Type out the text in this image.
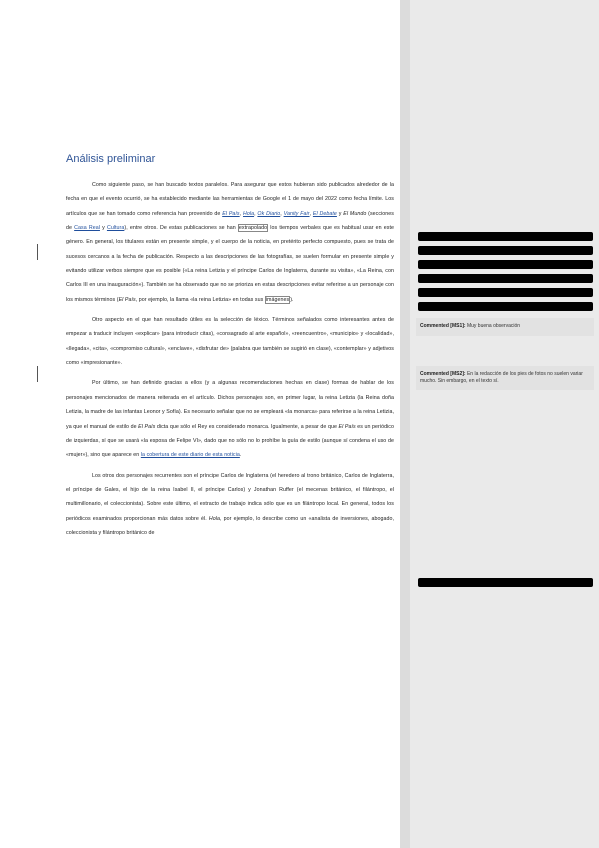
Análisis preliminar

Como siguiente paso, se han buscado textos paralelos. Para asegurar que estos hubieran sido publicados alrededor de la fecha en que el evento ocurrió, se ha establecido mediante las herramientas de Google el 1 de mayo del 2022 como fecha límite. Los artículos que se han tomado como referencia han provenido de El País, Hola, Ok Diario, Vanity Fair, El Debate y El Mundo (secciones de Casa Real y Cultura), entre otros. De estas publicaciones se han extrapolado los tiempos verbales que es habitual usar en este género. En general, los titulares están en presente simple, y el cuerpo de la noticia, en pretérito perfecto compuesto, pues se trata de sucesos cercanos a la fecha de publicación. Respecto a las descripciones de las fotografías, se suelen formular en presente simple y evitando utilizar verbos siempre que es posible («La reina Letizia y el príncipe Carlos de Inglaterra, durante su visita», «La Reina, con Carlos III en una inauguración»). También se ha observado que no se prioriza en estas descripciones evitar referirse a un personaje con los mismos términos (El País, por ejemplo, la llama «la reina Letizia» en todas sus imágenes).

Otro aspecto en el que han resultado útiles es la selección de léxico. Términos señalados como interesantes antes de empezar a traducir incluyen «explicar» (para introducir citas), «consagrado al arte español», «reencuentro», «municipio» y «localidad», «llegada», «cita», «compromiso cultural», «enclave», «disfrutar de» (palabra que también se sugirió en clase), «contemplar» y adjetivos como «impresionante».

Por último, se han definido gracias a ellos (y a algunas recomendaciones hechas en clase) formas de hablar de los personajes mencionados de manera reiterada en el artículo. Dichos personajes son, en primer lugar, la reina Letizia (la Reina doña Letizia, la madre de las infantas Leonor y Sofía). Es necesario señalar que no se empleará «la monarca» para referirse a la reina Letizia, ya que el manual de estilo de El País dicta que sólo el Rey es considerado monarca. Igualmente, a pesar de que El País es un periódico de izquierdas, sí que se usará «la esposa de Felipe VI», dado que no sólo no lo prohíbe la guía de estilo (aunque sí condena el uso de «mujer»), sino que aparece en la cobertura de este diario de esta noticia.

Los otros dos personajes recurrentes son el príncipe Carlos de Inglaterra (el heredero al trono británico, Carlos de Inglaterra, el príncipe de Gales, el hijo de la reina Isabel II, el príncipe Carlos) y Jonathan Ruffer (el mecenas británico, el filántropo, el multimillonario, el coleccionista). Sobre este último, el extracto de trabajo indica sólo que es un filántropo local. En general, todos los periódicos examinados proporcionan más datos sobre él. Hola, por ejemplo, lo describe como un «analista de inversiones, abogado, coleccionista y filántropo británico de

Commented [MS1]: Muy buena observación
Commented [MS2]: En la redacción de los pies de fotos no suelen variar mucho. Sin embargo, en el texto sí.
